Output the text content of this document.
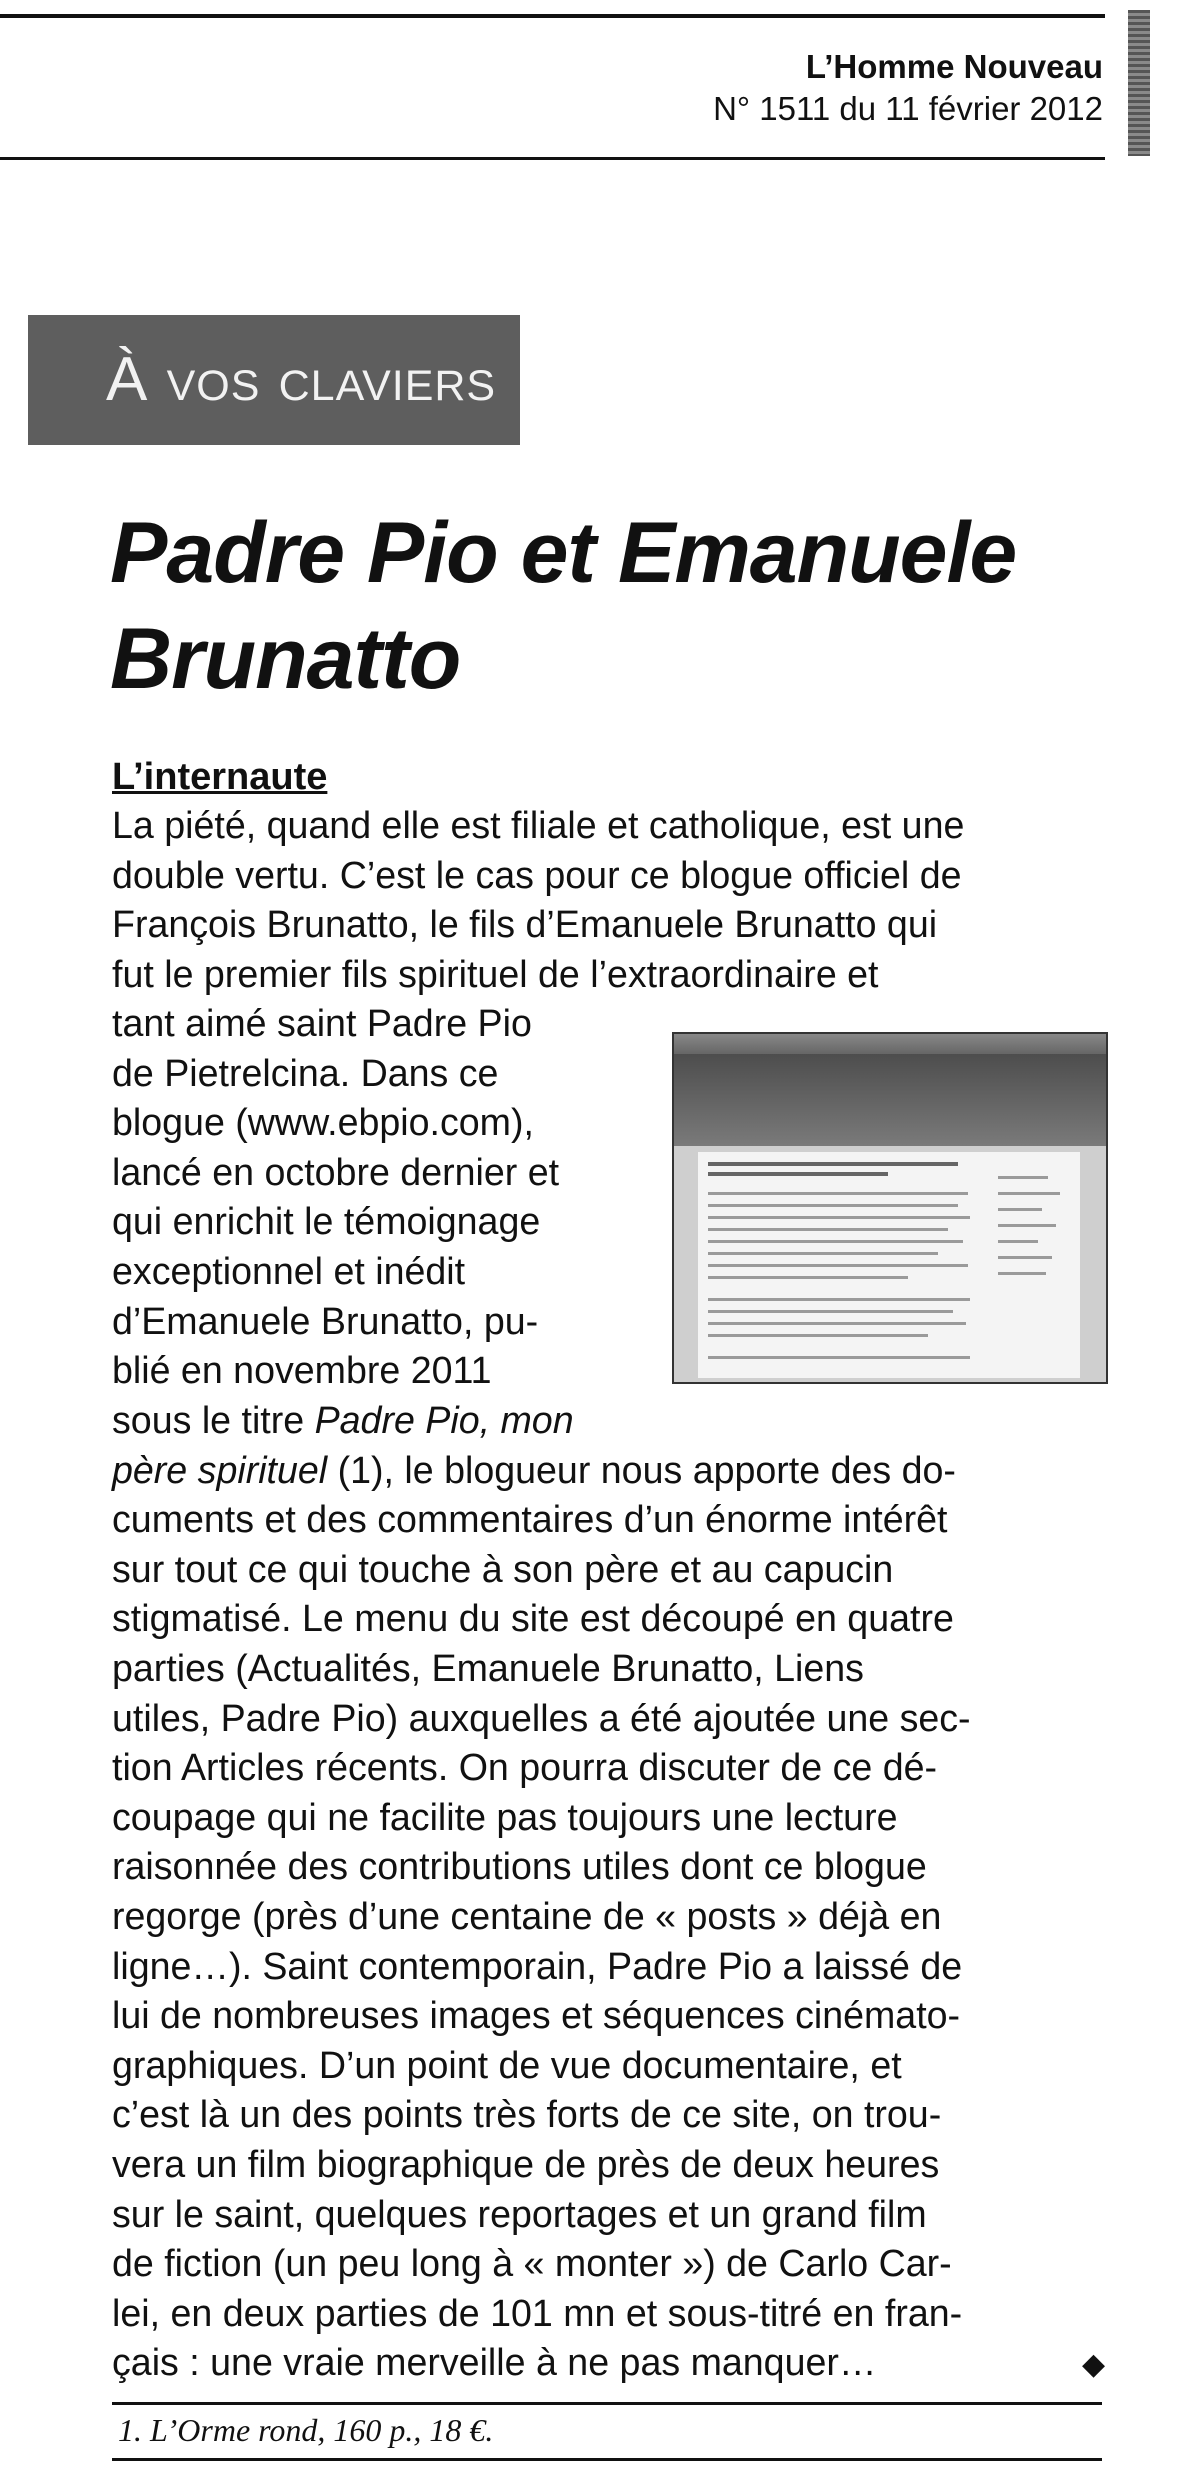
L’Homme Nouveau
N° 1511 du 11 février 2012
À vos claviers
Padre Pio et Emanuele Brunatto
L’internaute
La piété, quand elle est filiale et catholique, est une
double vertu. C’est le cas pour ce blogue officiel de
François Brunatto, le fils d’Emanuele Brunatto qui
fut le premier fils spirituel de l’extraordinaire et
tant aimé saint Padre Pio
de Pietrelcina. Dans ce
blogue (www.ebpio.com),
lancé en octobre dernier et
qui enrichit le témoignage
exceptionnel et inédit
d’Emanuele Brunatto, pu-
blié en novembre 2011
sous le titre Padre Pio, mon
père spirituel (1), le blogueur nous apporte des do-
cuments et des commentaires d’un énorme intérêt
sur tout ce qui touche à son père et au capucin
stigmatisé. Le menu du site est découpé en quatre
parties (Actualités, Emanuele Brunatto, Liens
utiles, Padre Pio) auxquelles a été ajoutée une sec-
tion Articles récents. On pourra discuter de ce dé-
coupage qui ne facilite pas toujours une lecture
raisonnée des contributions utiles dont ce blogue
regorge (près d’une centaine de « posts » déjà en
ligne…). Saint contemporain, Padre Pio a laissé de
lui de nombreuses images et séquences cinémato-
graphiques. D’un point de vue documentaire, et
c’est là un des points très forts de ce site, on trou-
vera un film biographique de près de deux heures
sur le saint, quelques reportages et un grand film
de fiction (un peu long à « monter ») de Carlo Car-
lei, en deux parties de 101 mn et sous-titré en fran-
çais : une vraie merveille à ne pas manquer…	◆
1. L’Orme rond, 160 p., 18 €.
